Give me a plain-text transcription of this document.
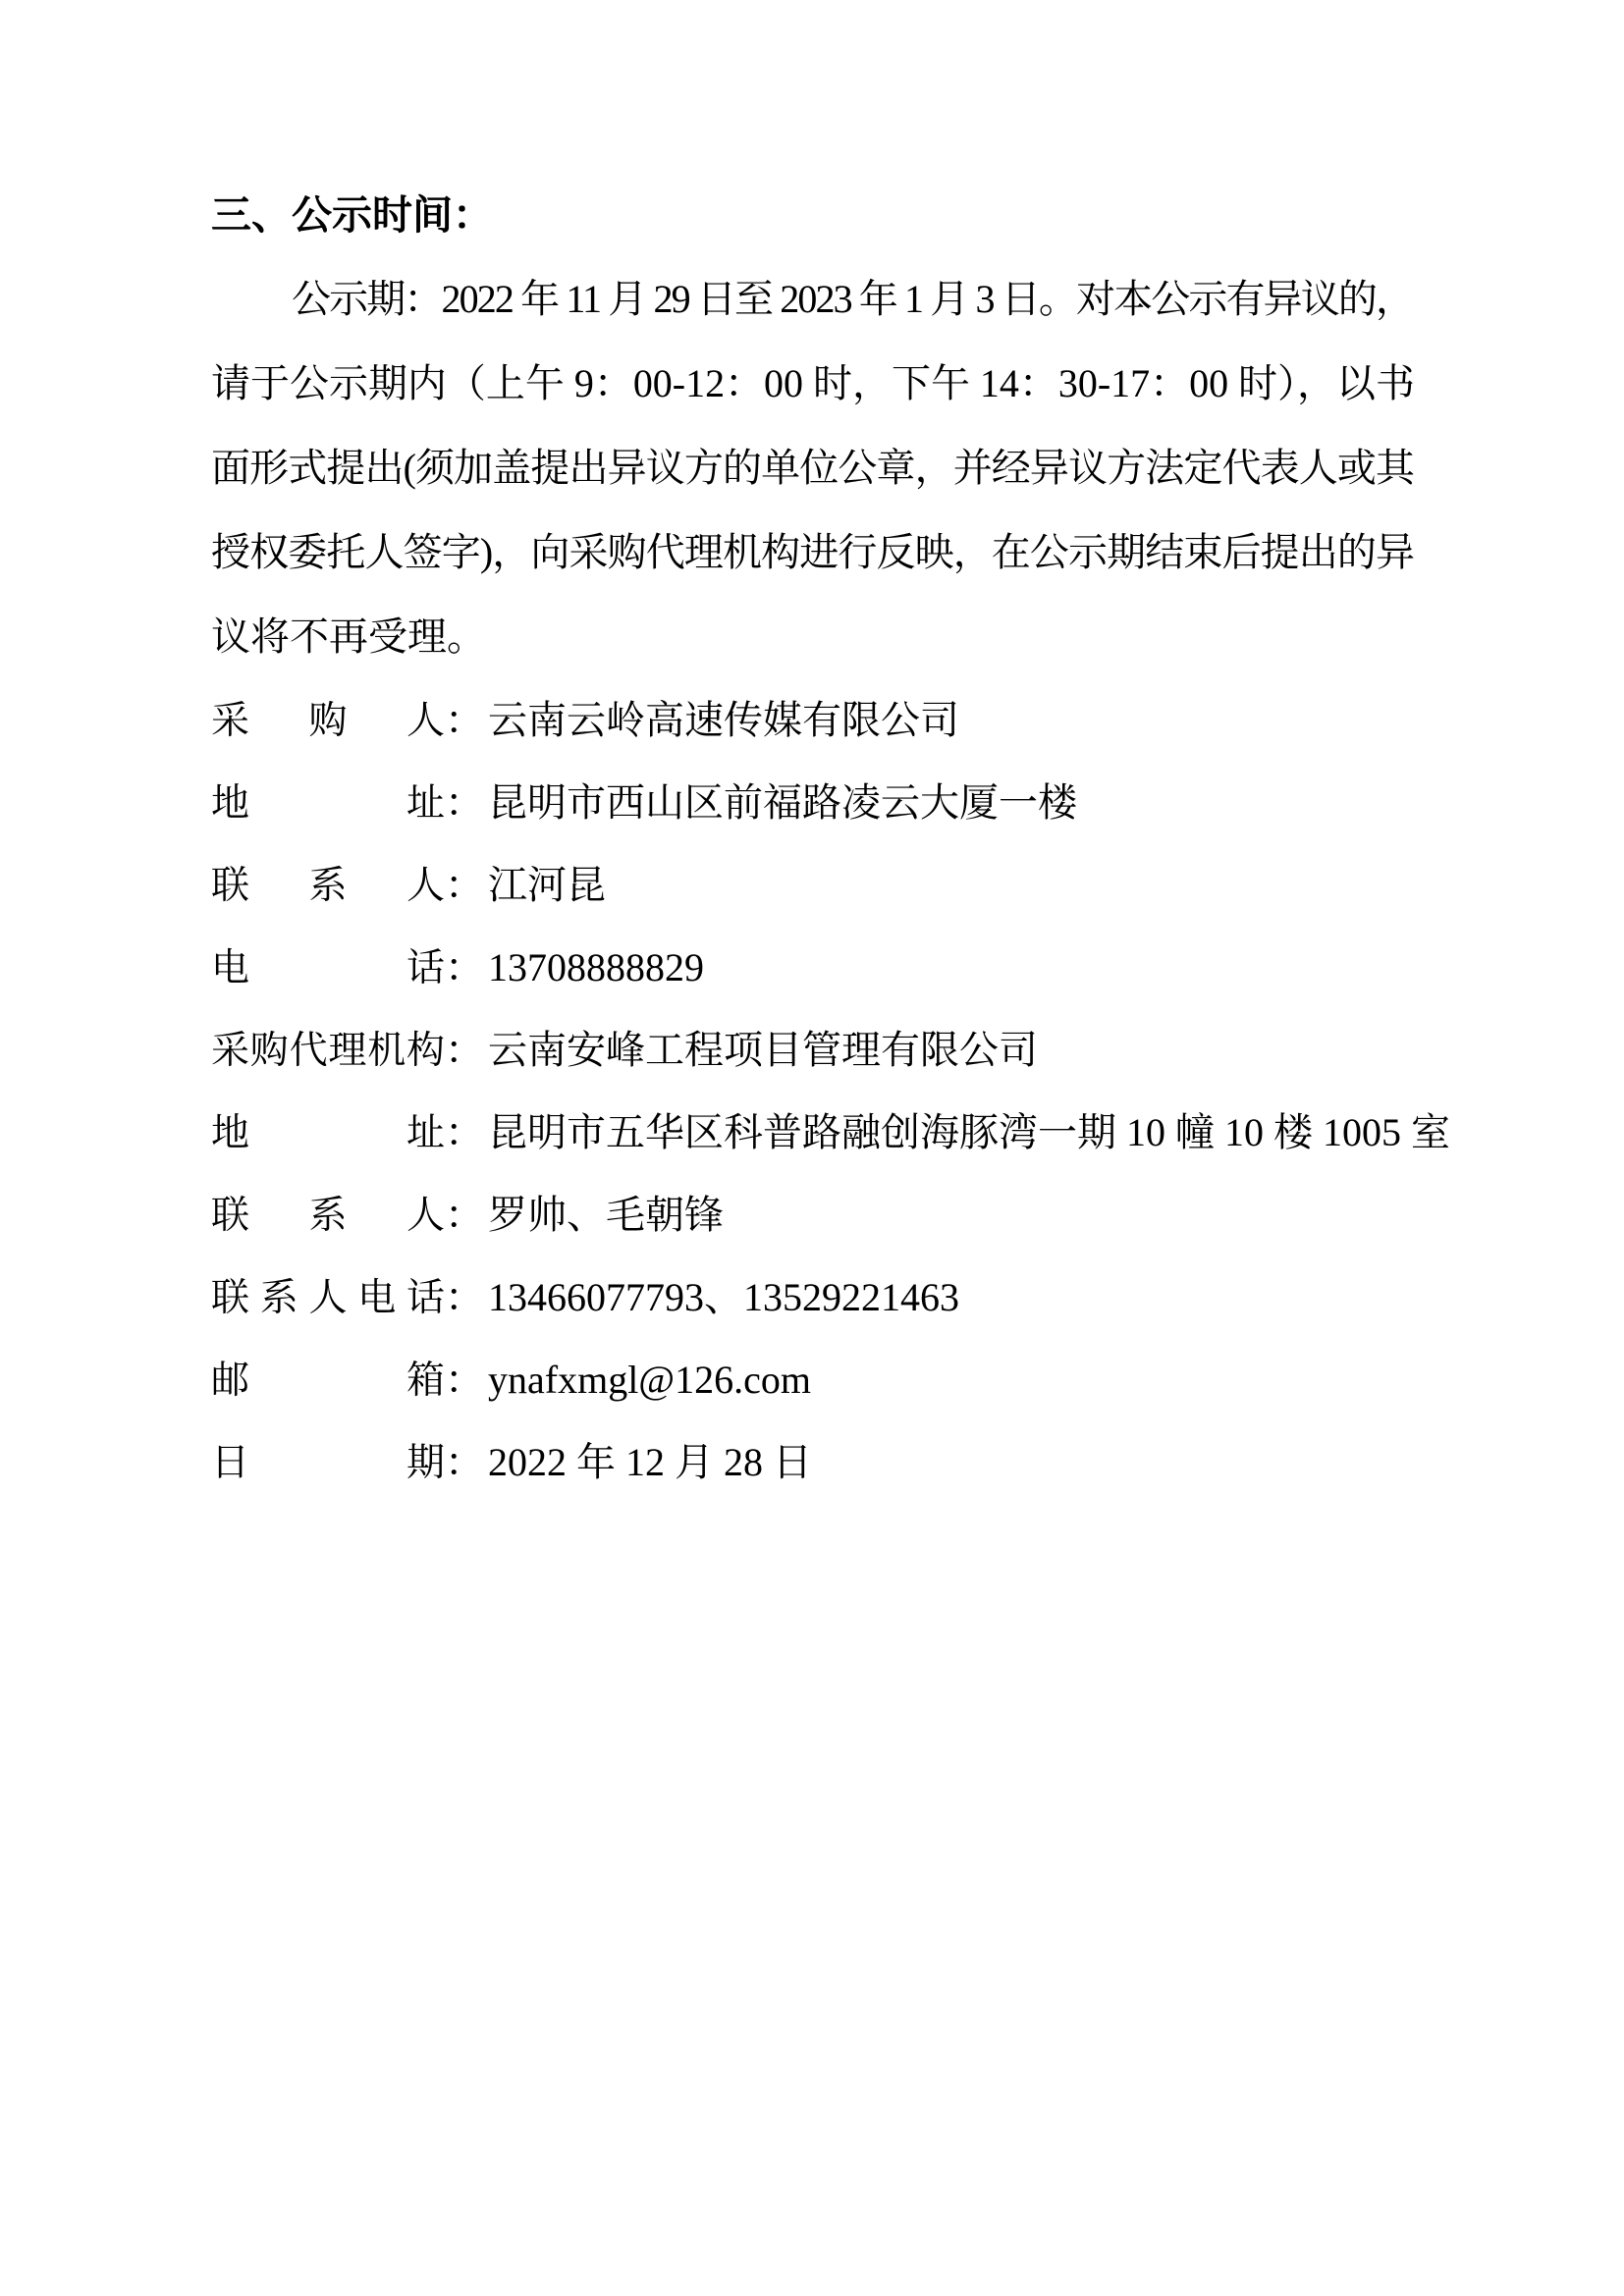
三、公示时间：
公示期：2022 年 11 月 29 日至 2023 年 1 月 3 日。对本公示有异议的，
请于公示期内（上午 9：00-12：00 时，下午 14：30-17：00 时），以书
面形式提出(须加盖提出异议方的单位公章，并经异议方法定代表人或其
授权委托人签字)，向采购代理机构进行反映，在公示期结束后提出的异
议将不再受理。
采 购 人 ： 云南云岭高速传媒有限公司
地	址 ： 昆明市西山区前福路凌云大厦一楼
联 系 人 ： 江河昆
电	话 ： 13708888829
采 购 代 理 机 构 ： 云南安峰工程项目管理有限公司
地	址 ： 昆明市五华区科普路融创海豚湾一期 10 幢 10 楼 1005 室
联 系 人 ： 罗帅、毛朝锋
联 系 人 电 话 ： 13466077793、13529221463
邮	箱 ： ynafxmgl@126.com
日	期 ： 2022 年 12 月 28 日
